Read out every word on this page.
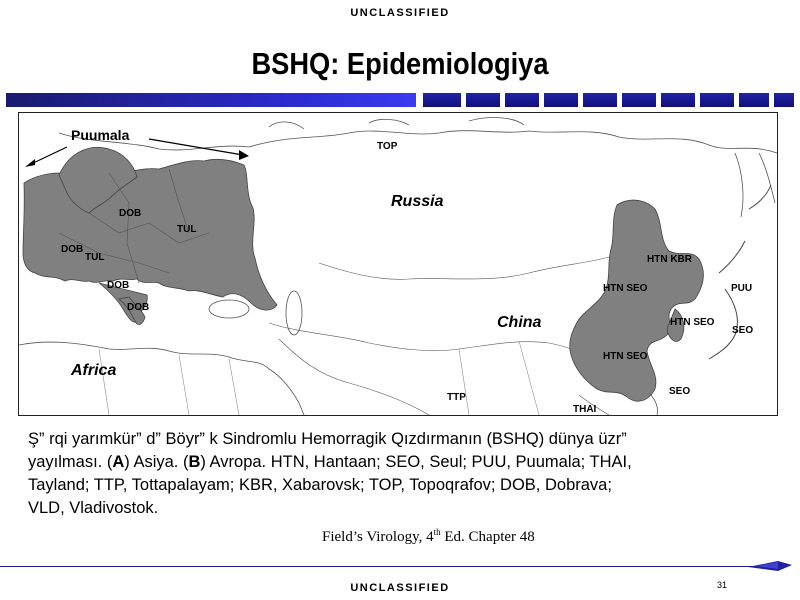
UNCLASSIFIED
BSHQ: Epidemiologiya
Puumala
TOP
Russia
China
Africa
DOB
TUL
DOB
TUL
DOB
DOB
HTN KBR
HTN SEO	PUU
HTN SEO
SEO
HTN SEO
SEO
TTP
THAI
Ş” rqi yarımkür” d” Böyr” k Sindromlu Hemorragik Qızdırmanın (BSHQ) dünya üzr”
yayılması. (A) Asiya. (B) Avropa. HTN, Hantaan; SEO, Seul; PUU, Puumala; THAI,
Tayland; TTP, Tottapalayam; KBR, Xabarovsk; TOP, Topoqrafov; DOB, Dobrava;
VLD, Vladivostok.
Field’s Virology, 4th Ed. Chapter 48
31
UNCLASSIFIED
